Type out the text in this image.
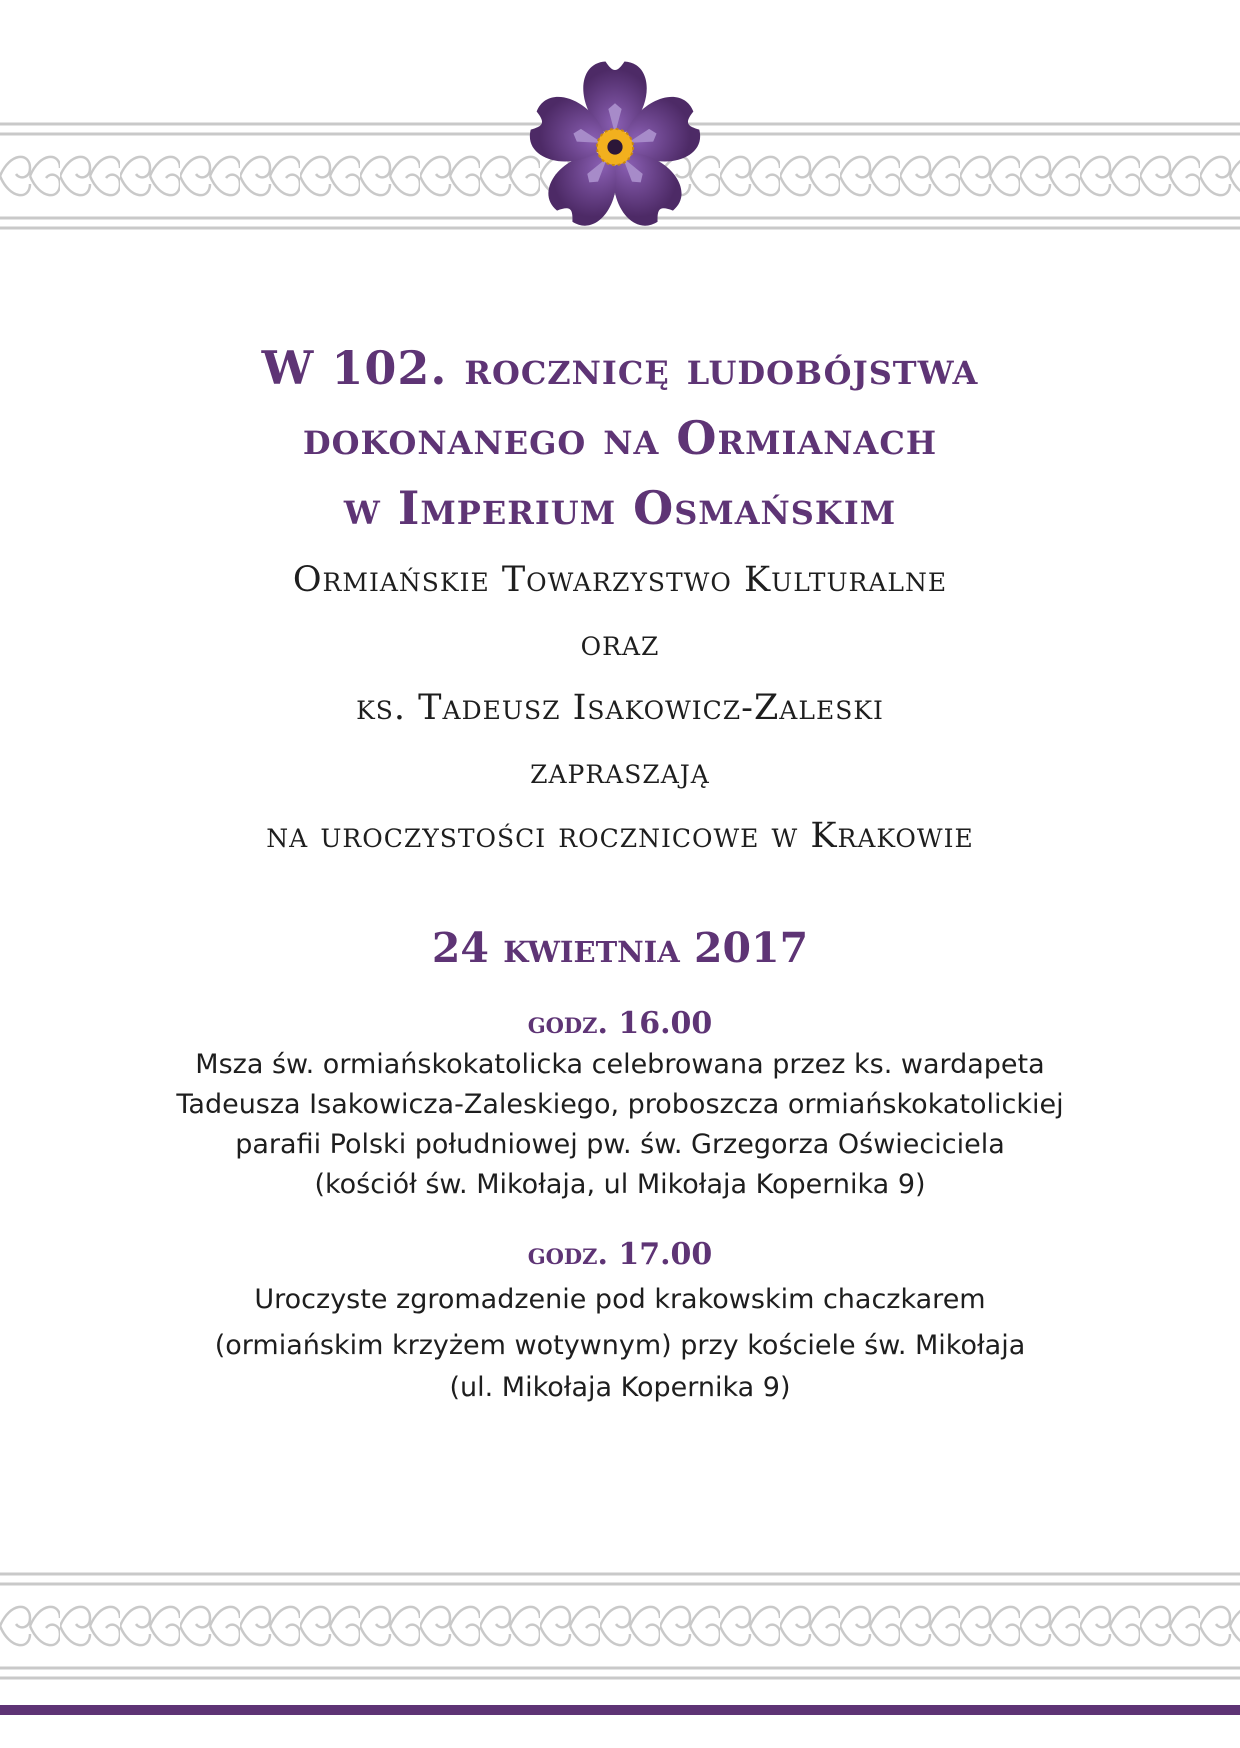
W 102. rocznicę ludobójstwa

dokonanego na Ormianach

w Imperium Osmańskim

Ormiańskie Towarzystwo Kulturalne

oraz

ks. Tadeusz Isakowicz-Zaleski

zapraszają

na uroczystości rocznicowe w Krakowie

24 kwietnia 2017

godz. 16.00

Msza św. ormiańskokatolicka celebrowana przez ks. wardapeta

Tadeusza Isakowicza-Zaleskiego, proboszcza ormiańskokatolickiej

parafii Polski południowej pw. św. Grzegorza Oświeciciela

(kościół św. Mikołaja, ul Mikołaja Kopernika 9)

godz. 17.00

Uroczyste zgromadzenie pod krakowskim chaczkarem

(ormiańskim krzyżem wotywnym) przy kościele św. Mikołaja

(ul. Mikołaja Kopernika 9)
